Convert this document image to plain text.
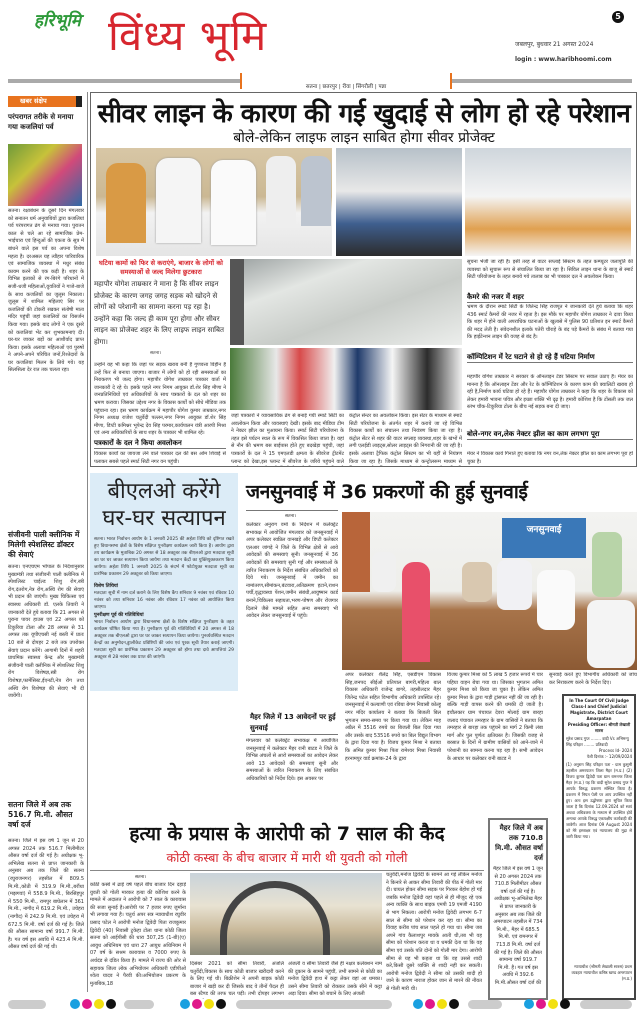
हरिभूमि विंध्य भूमि	5
जबलपुर, बुधवार 21 अगस्त 2024
login : www.haribhoomi.com
सतना | छतरपुर | रीवा | सिंगरौली | पन्ना
खबर संक्षेप
परंपरागत तरीके से मनाया गया कजलियां पर्व
सतना। रक्षाबंधन के दूसरे दिन मंगलवार को सनातन धर्म अनुयायियों द्वारा कजलियां पर्व परंपरागत ढंग से मनाया गया। पुरातन काल से चले आ रहे सामाजिक प्रेम-भाईचारा एवं हिन्दुओं की एकता के सूत्र में बांधने वाले इस पर्व का अपना विशेष महत्व है। दरअसल यह त्यौहार पारिवारिक एवं सामाजिक व्यवस्था में मधुर संबंध कायम करने की एक कड़ी है। शहर के विभिन्न इलाकों से रंग-बिरंगे परिधानों में सजी-धजी महिलाओं,युवतियों ने गाजे-बाजे के साथ कजलियों का जुलूस निकाला। जुलूस में शामिल महिलाएं सिर पर कजलियों की टोकरी रखकर संतोषी माता मंदिर पहुंचीं जहां कजलियों का विसर्जन किया गया। इसके बाद लोगों ने एक दूसरे को कजलियां भेंट कर शुभकामनाएं दीं। घर-घर जाकर बड़ों का आशीर्वाद प्राप्त किया। इसके अलावा महिलाओं एवं पुरुषों ने अपने-अपने परिचित जनों,रिश्तेदारों के घर कजलियां मिलन के लिये गये। यह सिलसिला देर रात तक चलता रहा।
संजीवनी पाली क्लीनिक में मिलेगी स्पेशलिस्ट डॉक्टर की सेवाएं
सतना। एनएचएम भोपाल के निर्देशानुसार मुख्यमंत्री तथा संजीवनी पाली क्लीनिक में स्पेशलिस्ट चाईल्ड शिशु रोग,स्त्री रोग,दंतरोग,नेत्र रोग,अस्थि रोग की सेवाएं भी प्रदान की जाएंगी। मुख्य चिकित्सा एवं स्वास्थ्य अधिकारी डॉ. एलके तिवारी ने जानकारी देते हुये बताया कि 21 अगस्त से पुराना पावर हाउस एवं 22 अगस्त को टिकुरिया टोला और 28 अगस्त से 31 अगस्त तक यूपीएचसी नई बस्ती में प्रातः 10 बजे से दोपहर 2 बजे तक उपरोक्त सेवाएं प्रदान करेंगे। आगामी दिनों में शहरी प्राथमिक स्वास्थ्य केन्द्र और मुख्यमंत्री संजीवनी पाली क्लीनिक में स्पेशलिस्ट शिशु रोग विशेषज्ञ,स्त्री रोग विशेषज्ञ,फार्मेसिस्ट,ईएनटी,नेत्र रोग तथा अस्थि रोग विशेषज्ञ की सेवाएं भी दी जायेंगी।
सतना जिले में अब तक 516.7 मि.मी. औसत वर्षा दर्ज
सतना। जिले में इस वर्ष 1 जून से 20 अगस्त 2024 तक 516.7 मिलीमीटर औसत वर्षा दर्ज की गई है। अधीक्षक भू-अभिलेख सतना से प्राप्त जानकारी के अनुसार अब तक जिले की सतना (रघुराजनगर) तहसील में 809.5 मि.मी.,कोठी में 319.9 मि.मी.,बरौंधा (मझगवां) में 558.9 मि.मी., बिरसिंहपुर में 550 मि.मी., रामपुर बाघेलान में 361 मि.मी., नागौद में 619.2 मि.मी., उचेहरा (नागौद) में 242.9 मि.मी. एवं उचेहरा में 672.5 मि.मी. वर्षा दर्ज की गई है। जिले की औसत सामान्य वर्षा 991.7 मि.मी. है। गत वर्ष इस अवधि में 423.4 मि.मी. औसत वर्षा दर्ज की गई थी।
सीवर लाइन के कारण की गई खुदाई से लोग हो रहे परेशान
बोले-लेकिन लाइफ लाइन साबित होगा सीवर प्रोजेक्ट
घटिया कामों को फिर से कराएंगे, बाजार के लोगों को समस्याओं से जल्द मिलेगा छुटकारा
महापौर योगेश ताम्रकार ने माना है कि सीवर लाइन प्रोजेक्ट के कारण जगह जगह सड़क को खोदने से लोगों को परेशानी का सामना करना पड़ रहा है। उन्होंने कहा कि जल्द ही काम पूरा होगा और सीवर लाइन का प्रोजेक्ट शहर के लिए लाइफ लाइन साबित होगा।
सतना।
उन्होंने यह भी कहा कि जहां पर सड़क खराब बनी है गुणवत्ता विहीन है उन्हें फिर से बनाया जाएगा। बाजार में लोगों को हो रही समस्याओं का निराकरण भी जल्द होगा। महापौर योगेश ताम्रकार पत्रकार वार्ता में जानकारी दे रहे थे। इसके पहले नगर निगम आयुक्त डॉ.शेर सिंह मीणा ने जनप्रतिनिधियों एवं अधिकारियों के साथ पत्रकारों के दल को शहर का भ्रमण कराया। जिसका उद्देश्य नगर के विकास कार्यों को सीधे मीडिया तक पहुंचाना रहा। इस भ्रमण कार्यक्रम में महापौर योगेश कुमार ताम्रकार,नगर निगम अध्यक्ष राजेश चतुर्वेदी पल्लन,नगर निगम आयुक्त डॉ.शेर सिंह मीणा, डिप्टी कमिश्नर भूपेन्द्र देव सिंह परमार,कार्यपालन यंत्री आरपी मिश्रा एवं अन्य अधिकारियों के साथ शहर के पत्रकार भी शामिल रहे।
पत्रकारों के दल ने किया अवलोकन
विकास कार्यों का जायजा लेने वाले पत्रकार दल की बस ओम शिवाई से पलाकर सबसे पहले स्मार्ट सिटी नगर वन पहुंची।
जहां पत्रकारों ने व्यावसायिक ढंग से बनाई गयी स्मार्ट सिटी का अवलोकन किया और व्यवस्थाएं देखीं। इसके बाद मीडिया टीम ने नेक्टर झील का मुआयना किया। स्मार्ट सिटी परियोजना के तहत इसे पर्यटन स्थल के रूप में विकसित किया जाता है। यहां से नौन की भ्रमण बस बाईपास होते हुए बदखेड़ा पहुंची, जहां पत्रकारों के दल ने 15 एमएलडी क्षमता के सीवरेज ट्रीटमेंट प्लान्ट को देखा,इस प्लान्ट में सीवरेज के जरिये पहुंचने वाले
कंट्रोल सेन्टर का अवलोकन किया। इस सेंटर के माध्यम से स्मार्ट सिटी परियोजना के अंतर्गत शहर में कराये जा रहे विभिन्न विकास कार्यों का संचालन तथा नियंत्रण किया जा रहा है। कंट्रोल सेंटर से शहर की वाटर सप्लाइ व्यवस्था,शहर के खंभों में लगी एलईडी लाइट्स,सोलर लाइट्स की निगरानी की जा रही है। इसके अलावा ट्रैफिक कंट्रोल सिस्टम का भी यहीं से नियंत्रण किया जा रहा है। जिसके माध्यम से कन्ट्रोलरूम माध्यम से
सूचना भेजी जा रही है। इसी तरह से वाटर सप्लाई सिस्टम के तहत कम्प्यूटर जलापूर्ति की व्यवस्था को सुचारू रूप से संचालित किया जा रहा है। सिविल लाइन थाना के बाजू से स्मार्ट सिटी परियोजना के तहत बनाये गये तालाब का भी पत्रकार दल ने अवलोकन किया।
कैमरे की नजर में शहर
भ्रमण के दौरान स्मार्ट सिटी के जितेन्द्र सिंह राजपूत ने जानकारी देते हुये बताया कि शहर 436 स्मार्ट कैमरों की नजर में रहता है। इस मौके पर महापौर योगेश ताम्रकार ने दावा किया कि शहर में होने वाली अपराधिक घटनाओं के खुलासे में पुलिस 90 प्रतिशत इन स्मार्ट कैमरों की मदद लेती है। संवेदनशील इलाके पतेरी चौराहे के बंद पड़े कैमरों के संबंध में बताया गया कि हाईटेन्शन लाइन की वजह से बंद है।
कॉम्पिटिशन में रेट घटाने से हो रहे हैं घटिया निर्माण
महापौर योगेश ताम्रकार ने सरकार के ऑनलाइन टेंडर सिस्टम पर सवाल उठाए हैं। मेयर का मानना है कि ऑनलाइन टेंडर और रेट के कॉम्पिटिशन के कारण काम की क्वालिटी खराब हो रही है,निर्माण कार्य घटिया हो रहे हैं। महापौर योगेश ताम्रकार ने कहा कि शहर के विकास को लेकर हमारी भावना पवित्र और इच्छा शक्ति भी दृढ़ है। हमारी कोशिश है कि टोंसली तक जल स्तंभ चौक-टिकुरिया टोला के बीच नई सड़क बना दी जाए।
बोले-नगर वन,लेक नेक्टर झील का काम लगभग पूरा
मेयर ने विकास कार्य गिनाते हुए बताया कि नगर वन,लेक नेक्टर झील का काम लगभग पूरा हो चुका है।
बीएलओ करेंगे
घर-घर सत्यापन
सतना। भारत निर्वाचन आयोग के 1 जनवरी 2025 की अर्हता तिथि को दृष्टिगत रखते हुए विधानसभा क्षेत्रों के विशेष संक्षिप्त पुनरीक्षण कार्यक्रम जारी किया है। आयोग द्वारा तय कार्यक्रम के मुताबिक 20 अगस्त से 18 अक्टूबर तक बीएलओ द्वारा मतदाता सूची का घर घर जाकर सत्यापन किया जायेगा तथा मतदान केंद्रों का युक्तियुक्तकरण किया जायेगा। अर्हता तिथि 1 जनवरी 2025 के संदर्भ में फोटोयुक्त मतदाता सूची का प्रारंभिक प्रकाशन 29 अक्टूबर को किया जाएगा।
विशेष तिथियां
मतदाता सूची में नाम दर्ज कराने के लिए विशेष कैंप शनिवार 9 नवंबर एवं रविवार 10 नवंबर को तथा शनिवार 16 नवंबर और रविवार 17 नवंबर को आयोजित किया जाएगा।
पुनरीक्षण पूर्व की गतिविधियां
भारत निर्वाचन आयोग द्वारा विधानसभा क्षेत्रों के विशेष संक्षिप्त पुनरीक्षण के तहत कार्यक्रम घोषित किया गया है। पुनरीक्षण पूर्व की गतिविधियों में 20 अगस्त से 18 अक्टूबर तक बीएलओ द्वारा घर घर जाकर सत्यापन किया जायेगा। पुनर्व्यवस्थित मतदान केन्द्रों का अनुमोदन,डुप्लीकेट प्रविष्टियों की जांच एवं पूरक सूची तैयार कराई जाएगी। मतदाता सूची का प्रारंभिक प्रकाशन 29 अक्टूबर को होगा तथा दावे आपत्तियां 29 अक्टूबर से 28 नवंबर तक प्राप्त की जाएंगी।
जनसुनवाई में 36 प्रकरणों की हुई सुनवाई
सतना।
कलेक्टर अनुराग वर्मा के निर्देशन में कलेक्ट्रेट सभाकक्ष में आयोजित मंगलवार को जनसुनवाई में अपर कलेक्टर स्वप्निल वानखड़े और डिप्टी कलेक्टर एलआर जांगड़े ने जिले के विभिन्न क्षेत्रों से आये आवेदकों की समस्याएं सुनी। जनसुनवाई में 36 आवेदकों की समस्याएं सुनी गईं और समस्याओं के त्वरित निराकरण के निर्देश संबंधित अधिकारियों को दिये गये। जनसुनवाई में जमीन का नामांतरण,सीमांकन,बंटवारा,अतिक्रमण हटाने,राशन पर्ची,वृद्धावस्था पेंशन,जमीन संबंधी,आयुष्मान कार्ड बनाने,चिकित्सा सहायता,भरण-पोषण और रोजगार दिलाने जैसे मामले सहित अन्य समस्याएं भी आवेदन लेकर जनसुनवाई में पहुंचे।
जनसुनवाई
मैहर जिले में 13 आवेदनों पर हुई सुनवाई
मंगलवार को कलेक्ट्रेट सभाकक्ष में आयोजित जनसुनवाई में कलेक्टर मैहर रानी बाटड ने जिले के विभिन्न अंचलों से आरो समस्याओं का आवेदन लेकर आये 13 आवेदकों की समस्याएं सुनी और समस्याओं के त्वरित निराकरण के लिए संबंधित अधिकारियों को निर्देश दिये। इस अवसर पर
अपर कलेक्टर शैलेंद्र सिंह, एसडीएम विकास सिंह,जनपद सीईओ प्रतिपाल बागरी,महिला बाल विकास अधिकारी राजेन्द्र बागरे, तहसीलदार मैहर जितेन्द्र पटेल सहित विभागीय अधिकारी उपस्थित रहे।जनसुनवाई में कल्याणी एवं रविया बेगम निवासी कोल्हू नगर मंदिर कार्यालय ने बताया कि बिजली बिल भुगतान समय-समय पर किया गया था। लेकिन माह अप्रैल में 3516 रुपये का बिजली बिल दिया गया और उसके बाद 53516 रुपये का बिल विद्युत विभाग के द्वारा दिया गया है। विजय कुमार मिश्रा ने बताया कि अमित कुमार मिश्रा पिता रामेश्वर मिश्रा निवासी हरनामपुर वार्ड क्रमांक-24 के द्वारा
विजय कुमार मिश्रा को 5 लाख 5 हजार रूपये में चार पहिया वाहन बेचा गया था। जिसका भुगतान अमित कुमार मिश्रा को किया जा चुका है। लेकिन अमित कुमार मिश्रा के द्वारा गाड़ी ट्रांसफर नहीं की जा रही है। बल्कि गाड़ी वापस करने की धमकी दी जाती है। इचौलकार ग्राम पंचायत देवरा मोलाई ग्राम बारहा जलाद पंचायत तमरहार के ग्राम वासियों ने बताया कि तमरहार से बारहा तक पहुंचने का मार्ग 2 किमी लंबा मार्ग और पुल पूर्णतः क्षतिग्रस्त है। जिसकी वजह से बरसात के दिनों में ग्रामीण वासियों को आने-जाने में परेशानी का सामना करना पड़ रहा है। सभी आवेदन के आधार पर कलेक्टर रानी बाटड ने
सुनवाई करते हुए विभागीय अधिकारी को जांच कर निराकरण करने के निर्देश दिए।
In The Court Of Civil Judge Class-I and Chief Judicial Magistrate, District Court Amarpatan
Presiding Officer: श्रीमती लेखाली सारस
सुरेश प्रसाद गुप्त ........ वादी Vs अभिमन्यु सिंह परिहार ........ प्रतिवादी
Process Id- 2024
पेशी दिनांक :- 12/09/2024
(1) अनुराग सिंह परिहार पता - ग्राम कुसुमी तहसील अमरपाटन जिला मैहर (म.प्र.) (2) विजय कुमार द्विवेदी पता ग्राम रामनगर जिला मैहर (म.प्र.) यह कि वादी सुरेश प्रसाद गुप्त ने आपके विरुद्ध प्रकरण संस्थित किया है। प्रकरण में नियत पेशी पर आप उपस्थित नहीं हुए। अतः इस उद्घोषणा द्वारा सूचित किया जाता है कि दिनांक 12.09.2024 को स्वयं अथवा अधिवक्ता के माध्यम से उपस्थित होवें अन्यथा आपके विरुद्ध एकपक्षीय कार्यवाही की जावेगी। आज दिनांक 09 August 2024 को मेरे हस्ताक्षर एवं न्यायालय की मुद्रा से जारी किया गया।
न्यायाधीश (श्रीमती लेखाली सारस) प्रथम व्यवहार न्यायाधीश कनिष्ठ खण्ड अमरपाटन (म.प्र.)
हत्या के प्रयास के आरोपी को 7 साल की कैद
कोठी कस्बा के बीच बाजार में मारी थी युवती को गोली
सतना।
कोठी कस्बे में ढाई वर्ष पहले बीच बाजार दिन दहाड़े युवती को गोली मारकर हत्या की कोशिश करने के मामले में अदालत ने आरोपी को 7 साल के कारावास की सजा सुनाई है।आरोपी पर 7 हजार रुपए जुर्माना भी लगाया गया है। चतुर्थ अपर सत्र न्यायाधीश रघुवीर प्रसाद पटेल ने आरोपी मनोज द्विवेदी पिता राजकुमार द्विवेदी (40) निवासी टुकेहा टोला थाना कोठी जिला सतना को आईपीसी की धारा 307,25 (1-बी)(ए) आयुध अधिनियम एवं धारा 27 आयुध अधिनियम में 07 वर्ष के सश्रम कारावास व 7000 रुपए के अर्थदंड से दंडित किया है। मामले में राज्य की ओर से सहायक जिला लोक अभियोजन अधिकारी एडीपीओ श्वेता यादव ने पैरवी की।अभियोजन प्रकरण के मुताबिक,18
दिसंबर 2021 को सीमा तिवारी, अंजलि चतुर्वेदी,विकास के साथ कोठी बाजार खरीदारी करने के लिए गई थी। बिक्रीशेन ने अपनी बाइक कोठी बाजार में खड़ी कर दी जिसके बाद वे तीनों पैदल ही बस स्टैण्ड की तरफ चल पड़ीं। तभी दोपहर लगभग
अंजली व सीमा तिवारी जैसे ही नक्षत्र कलेक्शन नाम की दुकान के सामने पहुंचीं, तभी सामने से कोठी का मनोज द्विवेदी हाथ में कट्टा लेकर वहां आ धमका। उसने सीमा तिवारी को रोककर उसके सीने में कट्टा अड़ा दिया। सीमा को बचाने के लिए अंजली
चतुर्वेदी,मनोज द्विवेदी के सामने आ गई लेकिन मनोज ने किनारे से आकर सीमा तिवारी की पीठ में गोली मार दी। घायल होकर सीमा सड़क पर गिरकर बेहोश हो गई जबकि मनोज द्विवेदी वहां पहले से ही मौजूद रहे एक अन्य व्यक्ति के साथ बाइक एमपी 19 एमजी 4190 से भाग निकला। आरोपी मनोज द्विवेदी लगभग 6-7 साल से सीमा को परेशान कर रहा था। सीमा का विवाह करीब पांच साल पहले हो गया था। सीमा जब अपने गांव कैलाशपुर मायके आती थी,तब भी वह सीमा को परेशान करता था व धमकी देता था कि वह सीमा एवं उसके पति दोनों को गोली मार देगा। आरोपी सीमा से यह भी कहता था कि वह उससे शादी करे,किसी दूसरे व्यक्ति से शादी नहीं कर सकती। आरोपी मनोज द्विवेदी ने सीमा को उसकी शादी हो जाने के कारण नाराज होकर जान से मारने की नीयत से गोली मारी थी।
मैहर जिले में अब तक 710.8 मि.मी. औसत वर्षा दर्ज
मैहर जिले में इस वर्ष 1 जून से 20 अगस्त 2024 तक 710.8 मिलीमीटर औसत वर्षा दर्ज की गई है। अधीक्षक भू-अभिलेख मैहर से प्राप्त जानकारी के अनुसार अब तक जिले की अमरपाटन तहसील में 734 मि.मी., मैहर में 685.5 मि.मी. एवं रामनगर में 713.8 मि.मी. वर्षा दर्ज की गई है। जिले की औसत सामान्य वर्षा 919.7 मि.मी. है। गत वर्ष इस अवधि में 392.6 मि.मी.औसत वर्षा दर्ज की
